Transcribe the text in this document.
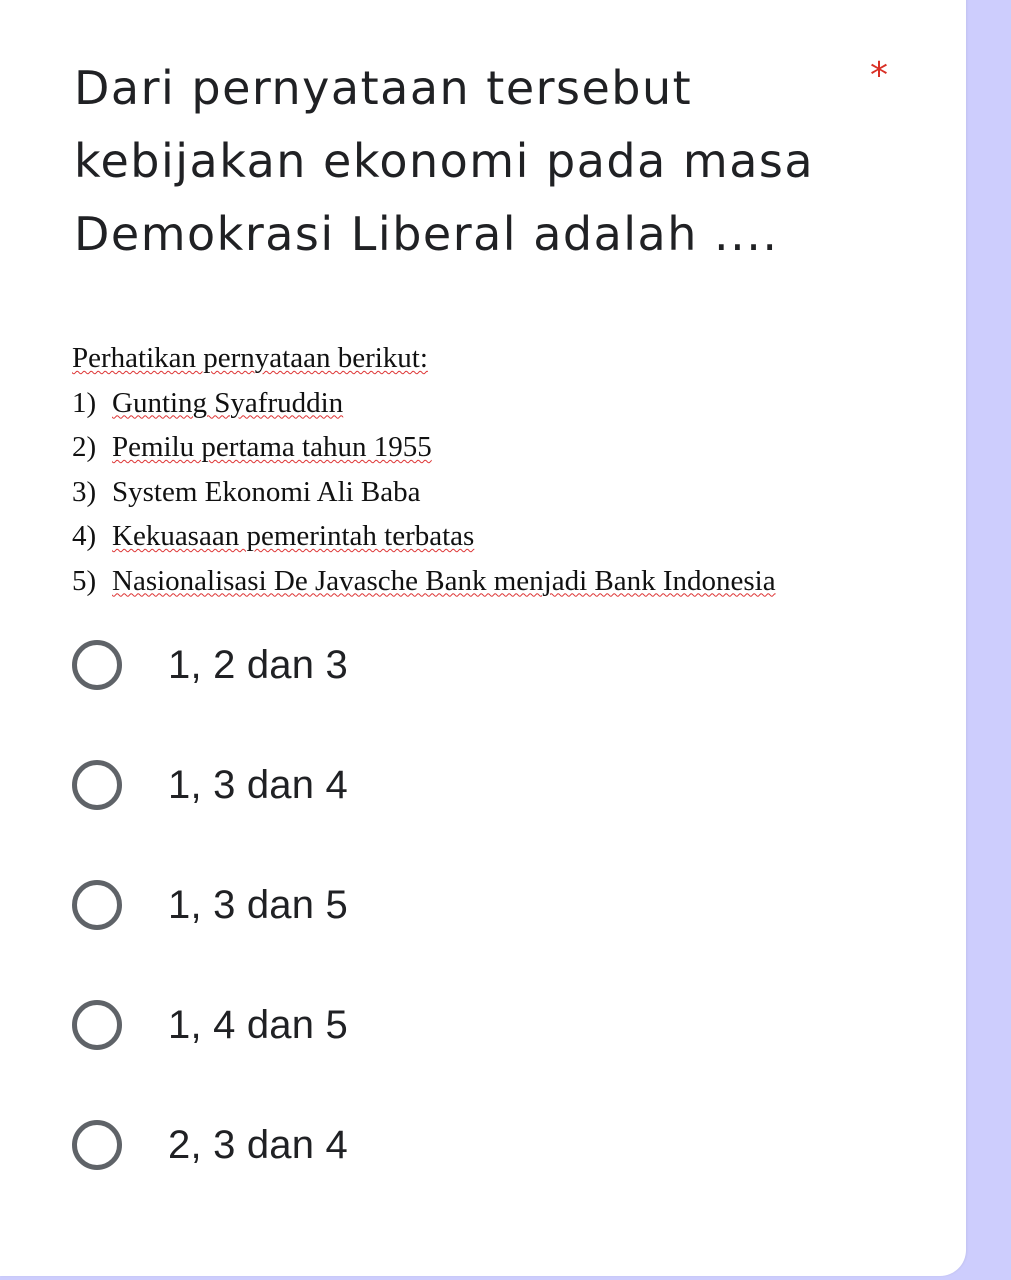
Dari pernyataan tersebut
kebijakan ekonomi pada masa
Demokrasi Liberal adalah ....
*
Perhatikan pernyataan berikut:
1) Gunting Syafruddin
2) Pemilu pertama tahun 1955
3) System Ekonomi Ali Baba
4) Kekuasaan pemerintah terbatas
5) Nasionalisasi De Javasche Bank menjadi Bank Indonesia
1, 2 dan 3
1, 3 dan 4
1, 3 dan 5
1, 4 dan 5
2, 3 dan 4
